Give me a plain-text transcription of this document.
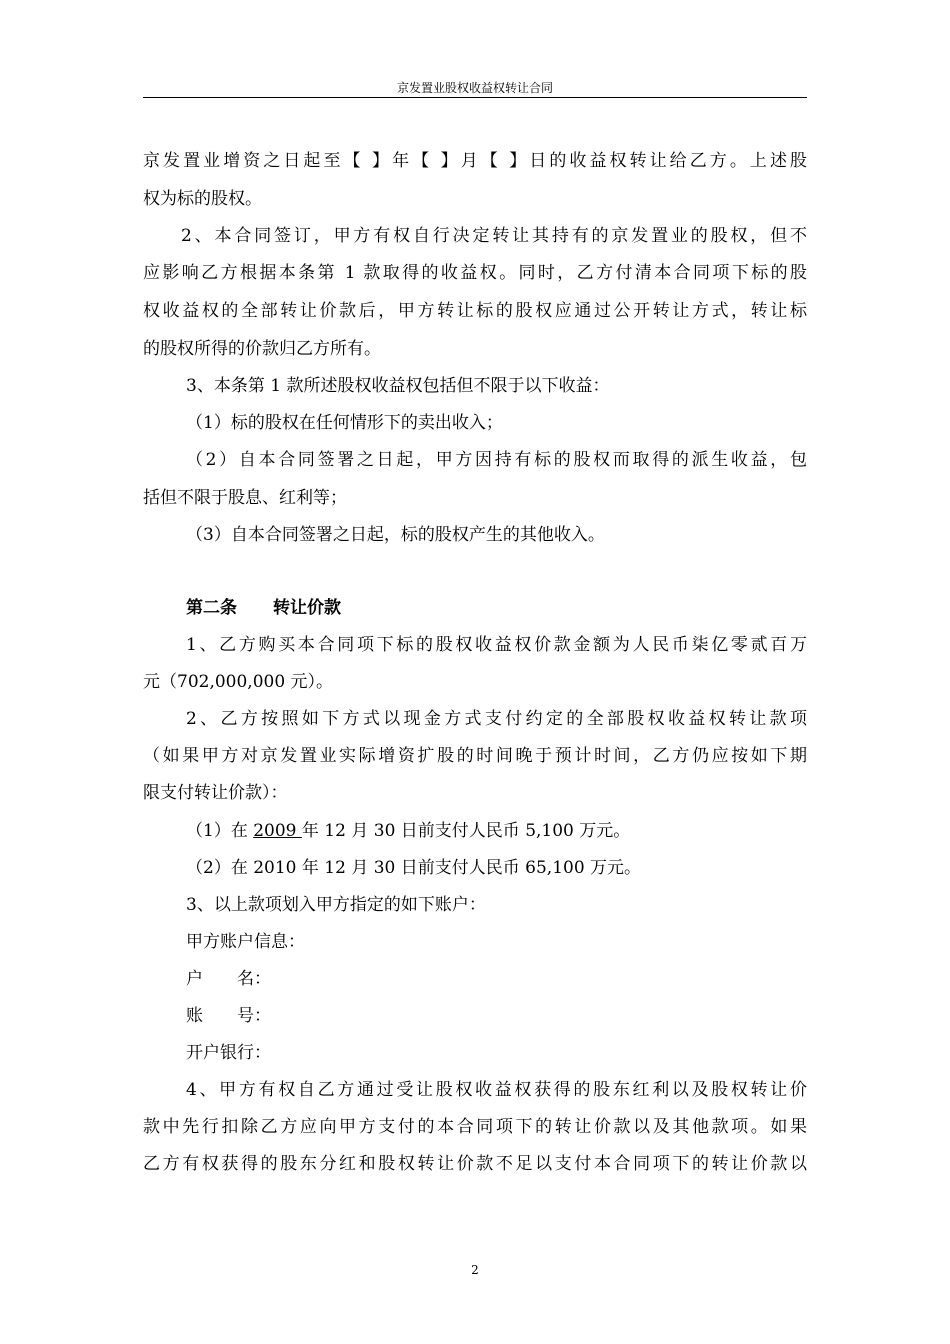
京发置业股权收益权转让合同
京发置业增资之日起至【 】年【 】月【 】日的收益权转让给乙方。上述股
权为标的股权。
2、本合同签订，甲方有权自行决定转让其持有的京发置业的股权，但不
应影响乙方根据本条第 1 款取得的收益权。同时，乙方付清本合同项下标的股
权收益权的全部转让价款后，甲方转让标的股权应通过公开转让方式，转让标
的股权所得的价款归乙方所有。
3、本条第 1 款所述股权收益权包括但不限于以下收益：
（1）标的股权在任何情形下的卖出收入；
（2）自本合同签署之日起，甲方因持有标的股权而取得的派生收益，包
括但不限于股息、红利等；
（3）自本合同签署之日起，标的股权产生的其他收入。
第二条 转让价款
1、乙方购买本合同项下标的股权收益权价款金额为人民币柒亿零贰百万
元（702,000,000 元）。
2、乙方按照如下方式以现金方式支付约定的全部股权收益权转让款项
（如果甲方对京发置业实际增资扩股的时间晚于预计时间，乙方仍应按如下期
限支付转让价款）：
（1）在 2009 年 12 月 30 日前支付人民币 5,100 万元。
（2）在 2010 年 12 月 30 日前支付人民币 65,100 万元。
3、以上款项划入甲方指定的如下账户：
甲方账户信息：
户 名：
账 号：
开户银行：
4、甲方有权自乙方通过受让股权收益权获得的股东红利以及股权转让价
款中先行扣除乙方应向甲方支付的本合同项下的转让价款以及其他款项。如果
乙方有权获得的股东分红和股权转让价款不足以支付本合同项下的转让价款以
2
